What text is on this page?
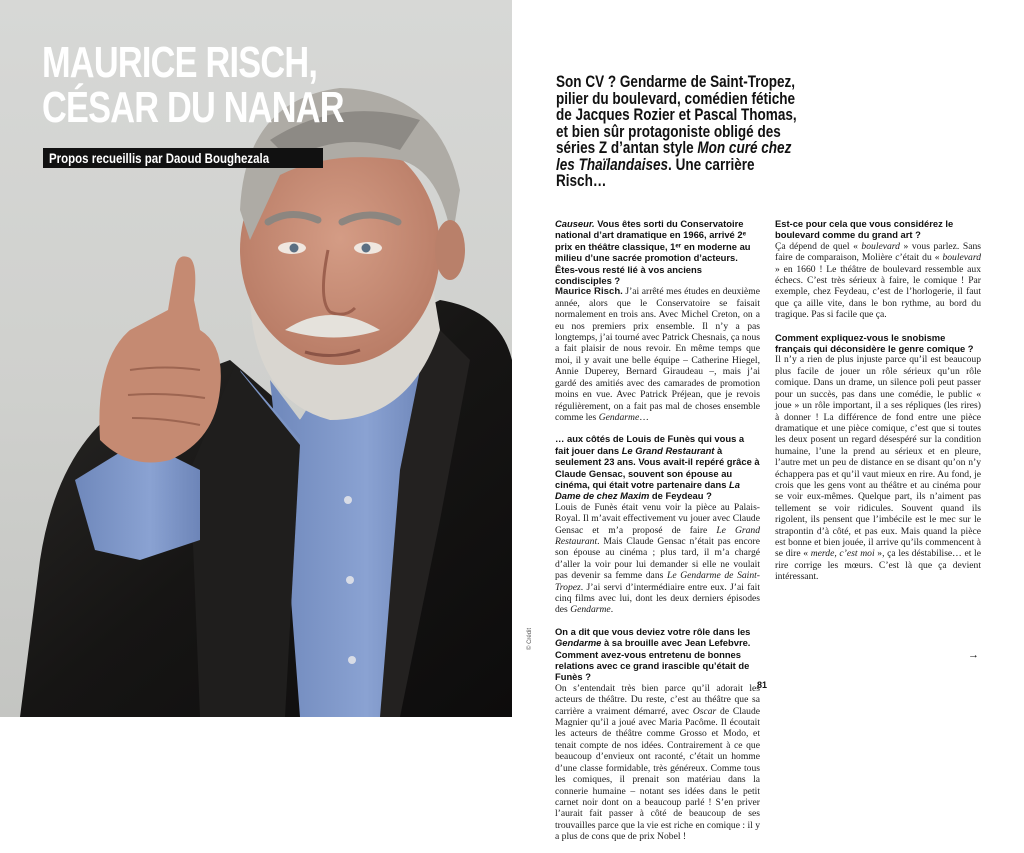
MAURICE RISCH,
CÉSAR DU NANAR
Propos recueillis par Daoud Boughezala
© Crédit
Son CV ? Gendarme de Saint-Tropez, pilier du boulevard, comédien fétiche de Jacques Rozier et Pascal Thomas, et bien sûr protagoniste obligé des séries Z d’antan style Mon curé chez les Thaïlandaises. Une carrière Risch…

Causeur. Vous êtes sorti du Conservatoire national d’art dramatique en 1966, arrivé 2ᵉ prix en théâtre classique, 1ᵉʳ en moderne au milieu d’une sacrée promotion d’acteurs. Êtes-vous resté lié à vos anciens condisciples ?

Maurice Risch. J’ai arrêté mes études en deuxième année, alors que le Conservatoire se faisait normalement en trois ans. Avec Michel Creton, on a eu nos premiers prix ensemble. Il n’y a pas longtemps, j’ai tourné avec Patrick Chesnais, ça nous a fait plaisir de nous revoir. En même temps que moi, il y avait une belle équipe – Catherine Hiegel, Annie Duperey, Bernard Giraudeau –, mais j’ai gardé des amitiés avec des camarades de promotion moins en vue. Avec Patrick Préjean, que je revois régulièrement, on a fait pas mal de choses ensemble comme les Gendarme…

… aux côtés de Louis de Funès qui vous a fait jouer dans Le Grand Restaurant à seulement 23 ans. Vous avait-il repéré grâce à Claude Gensac, souvent son épouse au cinéma, qui était votre partenaire dans La Dame de chez Maxim de Feydeau ?

Louis de Funès était venu voir la pièce au Palais-Royal. Il m’avait effectivement vu jouer avec Claude Gensac et m’a proposé de faire Le Grand Restaurant. Mais Claude Gensac n’était pas encore son épouse au cinéma ; plus tard, il m’a chargé d’aller la voir pour lui demander si elle ne voulait pas devenir sa femme dans Le Gendarme de Saint-Tropez. J’ai servi d’intermédiaire entre eux. J’ai fait cinq films avec lui, dont les deux derniers épisodes des Gendarme.

On a dit que vous deviez votre rôle dans les Gendarme à sa brouille avec Jean Lefebvre. Comment avez-vous entretenu de bonnes relations avec ce grand irascible qu’était de Funès ?

On s’entendait très bien parce qu’il adorait les acteurs de théâtre. Du reste, c’est au théâtre que sa carrière a vraiment démarré, avec Oscar de Claude Magnier qu’il a joué avec Maria Pacôme. Il écoutait les acteurs de théâtre comme Grosso et Modo, et tenait compte de nos idées. Contrairement à ce que beaucoup d’envieux ont raconté, c’était un homme d’une classe formidable, très généreux. Comme tous les comiques, il prenait son matériau dans la connerie humaine – notant ses idées dans le petit carnet noir dont on a beaucoup parlé ! S’en priver l’aurait fait passer à côté de beaucoup de ses trouvailles parce que la vie est riche en comique : il y a plus de cons que de prix Nobel !

Est-ce pour cela que vous considérez le boulevard comme du grand art ?

Ça dépend de quel « boulevard » vous parlez. Sans faire de comparaison, Molière c’était du « boulevard » en 1660 ! Le théâtre de boulevard ressemble aux échecs. C’est très sérieux à faire, le comique ! Par exemple, chez Feydeau, c’est de l’horlogerie, il faut que ça aille vite, dans le bon rythme, au bord du tragique. Pas si facile que ça.

Comment expliquez-vous le snobisme français qui déconsidère le genre comique ?

Il n’y a rien de plus injuste parce qu’il est beaucoup plus facile de jouer un rôle sérieux qu’un rôle comique. Dans un drame, un silence poli peut passer pour un succès, pas dans une comédie, le public « joue » un rôle important, il a ses répliques (les rires) à donner ! La différence de fond entre une pièce dramatique et une pièce comique, c’est que si toutes les deux posent un regard désespéré sur la condition humaine, l’une la prend au sérieux et en pleure, l’autre met un peu de distance en se disant qu’on n’y échappera pas et qu’il vaut mieux en rire. Au fond, je crois que les gens vont au théâtre et au cinéma pour se voir eux-mêmes. Quelque part, ils n’aiment pas tellement se voir ridicules. Souvent quand ils rigolent, ils pensent que l’imbécile est le mec sur le strapontin d’à côté, et pas eux. Mais quand la pièce est bonne et bien jouée, il arrive qu’ils commencent à se dire « merde, c’est moi », ça les déstabilise… et le rire corrige les mœurs. C’est là que ça devient intéressant.

→
81
